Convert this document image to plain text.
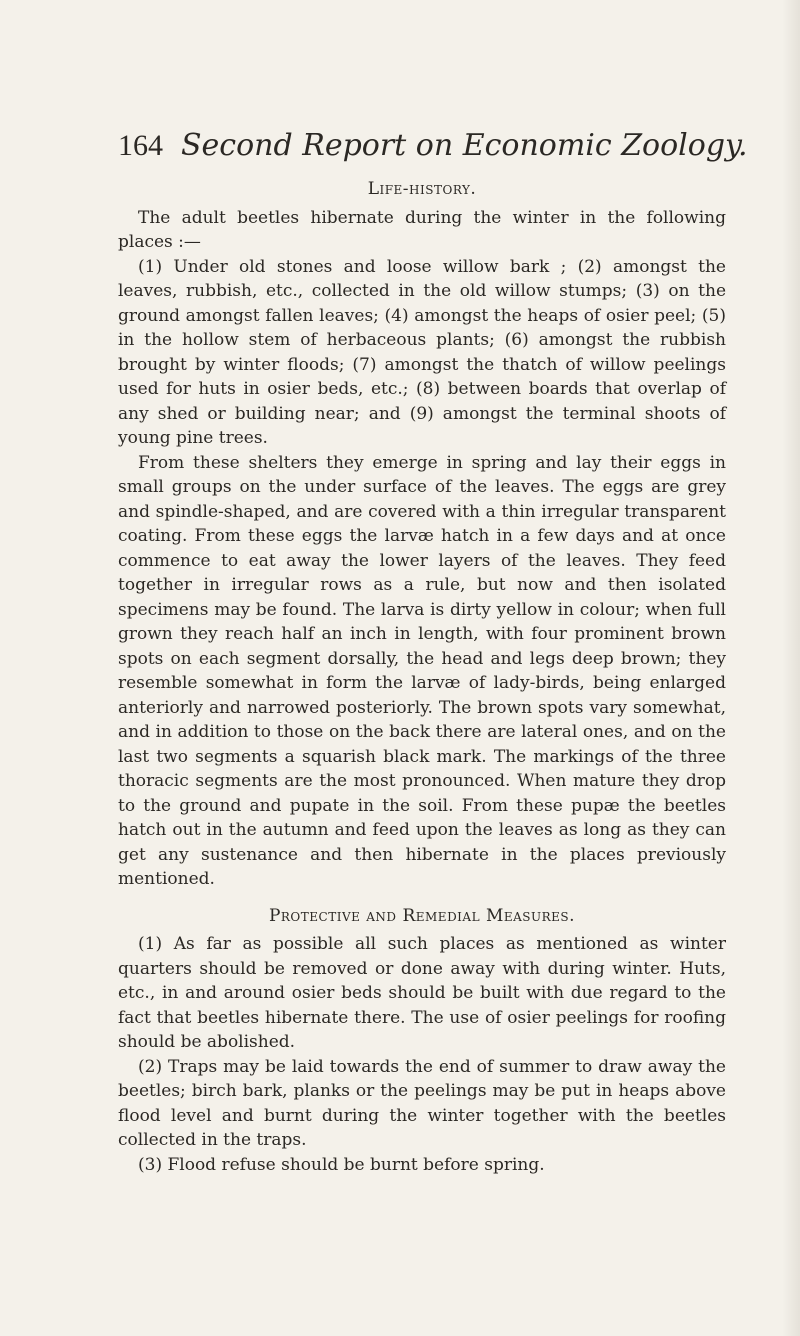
164 Second Report on Economic Zoology.
Life-history.

The adult beetles hibernate during the winter in the following places :—

(1) Under old stones and loose willow bark ; (2) amongst the leaves, rubbish, etc., collected in the old willow stumps; (3) on the ground amongst fallen leaves; (4) amongst the heaps of osier peel; (5) in the hollow stem of herbaceous plants; (6) amongst the rubbish brought by winter floods; (7) amongst the thatch of willow peelings used for huts in osier beds, etc.; (8) between boards that overlap of any shed or building near; and (9) amongst the terminal shoots of young pine trees.

From these shelters they emerge in spring and lay their eggs in small groups on the under surface of the leaves. The eggs are grey and spindle-shaped, and are covered with a thin irregular transparent coating. From these eggs the larvæ hatch in a few days and at once commence to eat away the lower layers of the leaves. They feed together in irregular rows as a rule, but now and then isolated specimens may be found. The larva is dirty yellow in colour; when full grown they reach half an inch in length, with four prominent brown spots on each segment dorsally, the head and legs deep brown; they resemble somewhat in form the larvæ of lady-birds, being enlarged anteriorly and narrowed posteriorly. The brown spots vary somewhat, and in addition to those on the back there are lateral ones, and on the last two segments a squarish black mark. The markings of the three thoracic segments are the most pronounced. When mature they drop to the ground and pupate in the soil. From these pupæ the beetles hatch out in the autumn and feed upon the leaves as long as they can get any sustenance and then hibernate in the places previously mentioned.

Protective and Remedial Measures.

(1) As far as possible all such places as mentioned as winter quarters should be removed or done away with during winter. Huts, etc., in and around osier beds should be built with due regard to the fact that beetles hibernate there. The use of osier peelings for roofing should be abolished.

(2) Traps may be laid towards the end of summer to draw away the beetles; birch bark, planks or the peelings may be put in heaps above flood level and burnt during the winter together with the beetles collected in the traps.

(3) Flood refuse should be burnt before spring.
